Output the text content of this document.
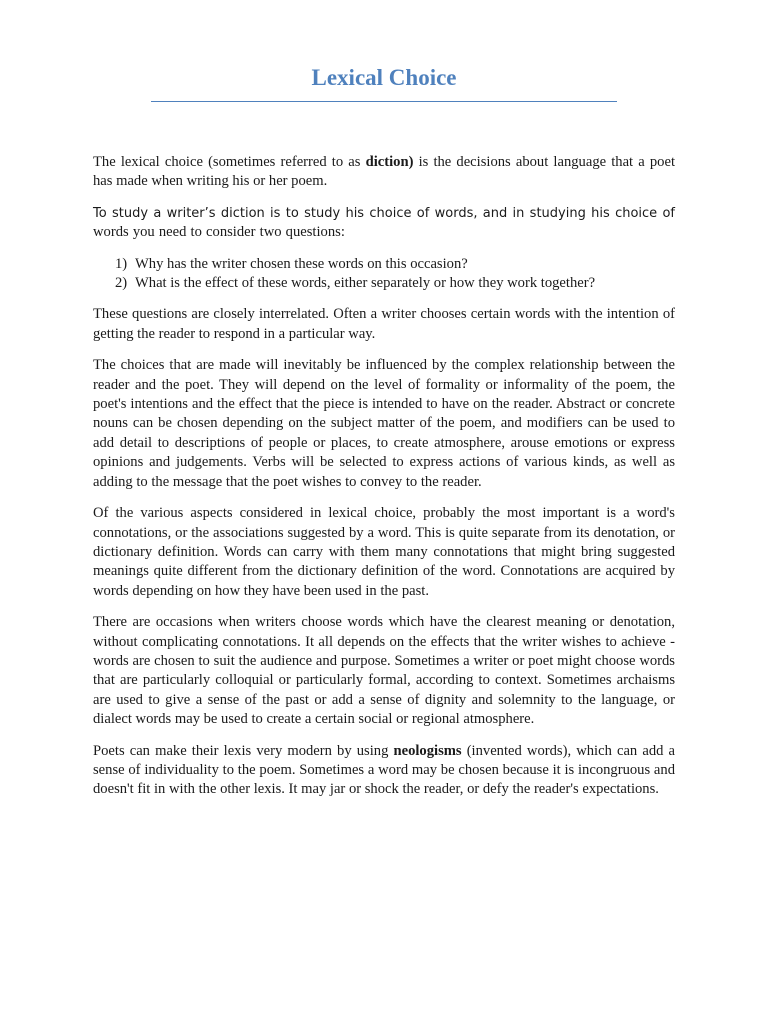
Lexical Choice

The lexical choice (sometimes referred to as diction) is the decisions about language that a poet has made when writing his or her poem.

To study a writer’s diction is to study his choice of words, and in studying his choice of words you need to consider two questions:

1) Why has the writer chosen these words on this occasion?
2) What is the effect of these words, either separately or how they work together?

These questions are closely interrelated. Often a writer chooses certain words with the intention of getting the reader to respond in a particular way.

The choices that are made will inevitably be influenced by the complex relationship between the reader and the poet. They will depend on the level of formality or informality of the poem, the poet's intentions and the effect that the piece is intended to have on the reader. Abstract or concrete nouns can be chosen depending on the subject matter of the poem, and modifiers can be used to add detail to descriptions of people or places, to create atmosphere, arouse emotions or express opinions and judgements. Verbs will be selected to express actions of various kinds, as well as adding to the message that the poet wishes to convey to the reader.

Of the various aspects considered in lexical choice, probably the most important is a word's connotations, or the associations suggested by a word. This is quite separate from its denotation, or dictionary definition. Words can carry with them many connotations that might bring suggested meanings quite different from the dictionary definition of the word. Connotations are acquired by words depending on how they have been used in the past.

There are occasions when writers choose words which have the clearest meaning or denotation, without complicating connotations. It all depends on the effects that the writer wishes to achieve - words are chosen to suit the audience and purpose. Sometimes a writer or poet might choose words that are particularly colloquial or particularly formal, according to context. Sometimes archaisms are used to give a sense of the past or add a sense of dignity and solemnity to the language, or dialect words may be used to create a certain social or regional atmosphere.

Poets can make their lexis very modern by using neologisms (invented words), which can add a sense of individuality to the poem. Sometimes a word may be chosen because it is incongruous and doesn't fit in with the other lexis. It may jar or shock the reader, or defy the reader's expectations.
